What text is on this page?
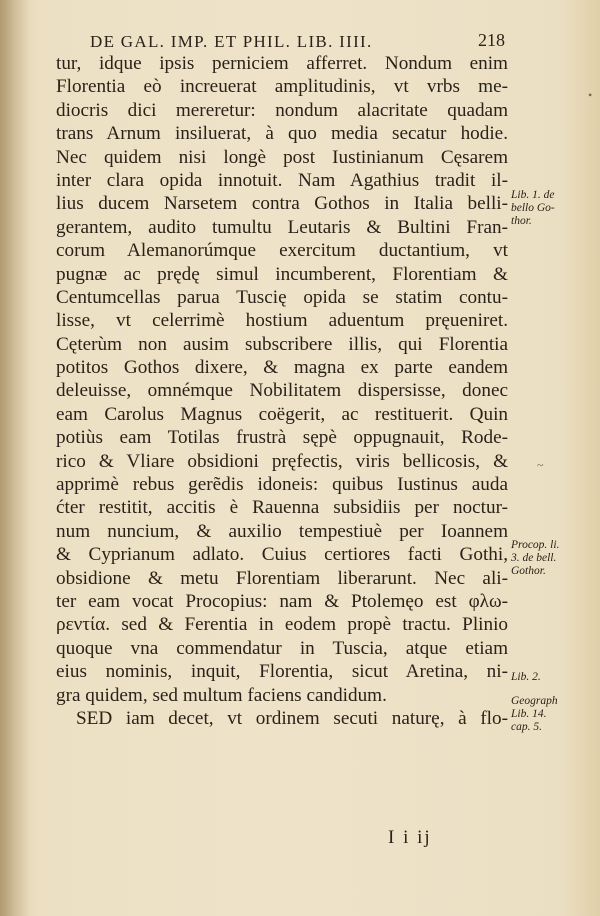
DE GAL. IMP. ET PHIL. LIB. IIII.	218
tur, idque ipsis perniciem afferret. Nondum enim
Florentia eò increuerat amplitudinis, vt vrbs me-
diocris dici mereretur: nondum alacritate quadam
trans Arnum insiluerat, à quo media secatur hodie.
Nec quidem nisi longè post Iustinianum Cęsarem
inter clara opida innotuit. Nam Agathius tradit il-
lius ducem Narsetem contra Gothos in Italia belli-
gerantem, audito tumultu Leutaris & Bultini Fran-
corum Alemanorúmque exercitum ductantium, vt
pugnæ ac prędę simul incumberent, Florentiam &
Centumcellas parua Tuscię opida se statim contu-
lisse, vt celerrimè hostium aduentum pręueniret.
Cęterùm non ausim subscribere illis, qui Florentia
potitos Gothos dixere, & magna ex parte eandem
deleuisse, omnémque Nobilitatem dispersisse, donec
eam Carolus Magnus coëgerit, ac restituerit. Quin
potiùs eam Totilas frustrà sępè oppugnauit, Rode-
rico & Vliare obsidioni pręfectis, viris bellicosis, &
apprimè rebus gerẽdis idoneis: quibus Iustinus auda
ćter restitit, accitis è Rauenna subsidiis per noctur-
num nuncium, & auxilio tempestiuè per Ioannem
& Cyprianum adlato. Cuius certiores facti Gothi,
obsidione & metu Florentiam liberarunt. Nec ali-
ter eam vocat Procopius: nam & Ptolemęo est φλω-
ρεντία. sed & Ferentia in eodem propè tractu. Plinio
quoque vna commendatur in Tuscia, atque etiam
eius nominis, inquit, Florentia, sicut Aretina, ni-
gra quidem, sed multum faciens candidum.
SED iam decet, vt ordinem secuti naturę, à flo-
I i ij
Lib. 1. de
bello Go-
thor.
Procop. li.
3. de bell.
Gothor.
Lib. 2.
Geograph
Lib. 14.
cap. 5.
•
~
